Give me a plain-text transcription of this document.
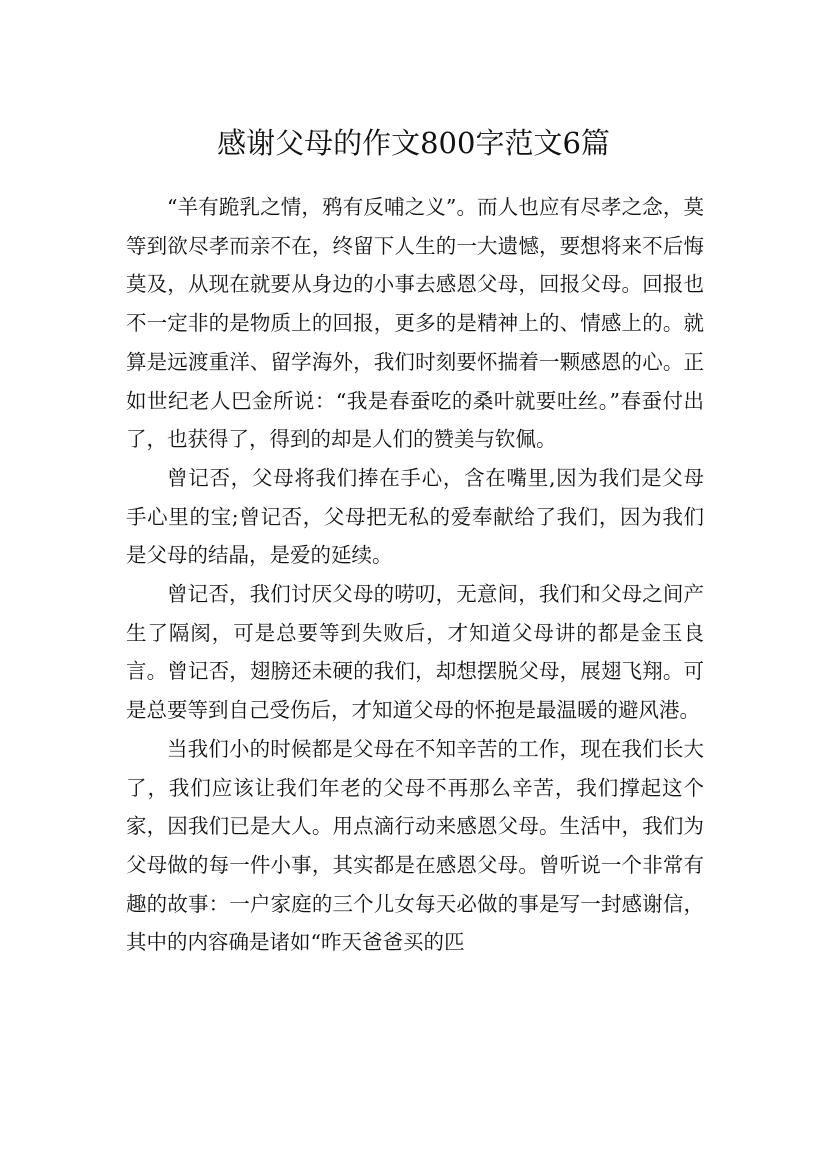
感谢父母的作文800字范文6篇

“羊有跪乳之情，鸦有反哺之义”。而人也应有尽孝之念，莫等到欲尽孝而亲不在，终留下人生的一大遗憾，要想将来不后悔莫及，从现在就要从身边的小事去感恩父母，回报父母。回报也不一定非的是物质上的回报，更多的是精神上的、情感上的。就算是远渡重洋、留学海外，我们时刻要怀揣着一颗感恩的心。正如世纪老人巴金所说：“我是春蚕吃的桑叶就要吐丝。”春蚕付出了，也获得了，得到的却是人们的赞美与钦佩。

曾记否，父母将我们捧在手心，含在嘴里,因为我们是父母手心里的宝;曾记否，父母把无私的爱奉献给了我们，因为我们是父母的结晶，是爱的延续。

曾记否，我们讨厌父母的唠叨，无意间，我们和父母之间产生了隔阂，可是总要等到失败后，才知道父母讲的都是金玉良言。曾记否，翅膀还未硬的我们，却想摆脱父母，展翅飞翔。可是总要等到自己受伤后，才知道父母的怀抱是最温暖的避风港。

当我们小的时候都是父母在不知辛苦的工作，现在我们长大了，我们应该让我们年老的父母不再那么辛苦，我们撑起这个家，因我们已是大人。用点滴行动来感恩父母。生活中，我们为父母做的每一件小事，其实都是在感恩父母。曾听说一个非常有趣的故事：一户家庭的三个儿女每天必做的事是写一封感谢信，其中的内容确是诸如“昨天爸爸买的匹
